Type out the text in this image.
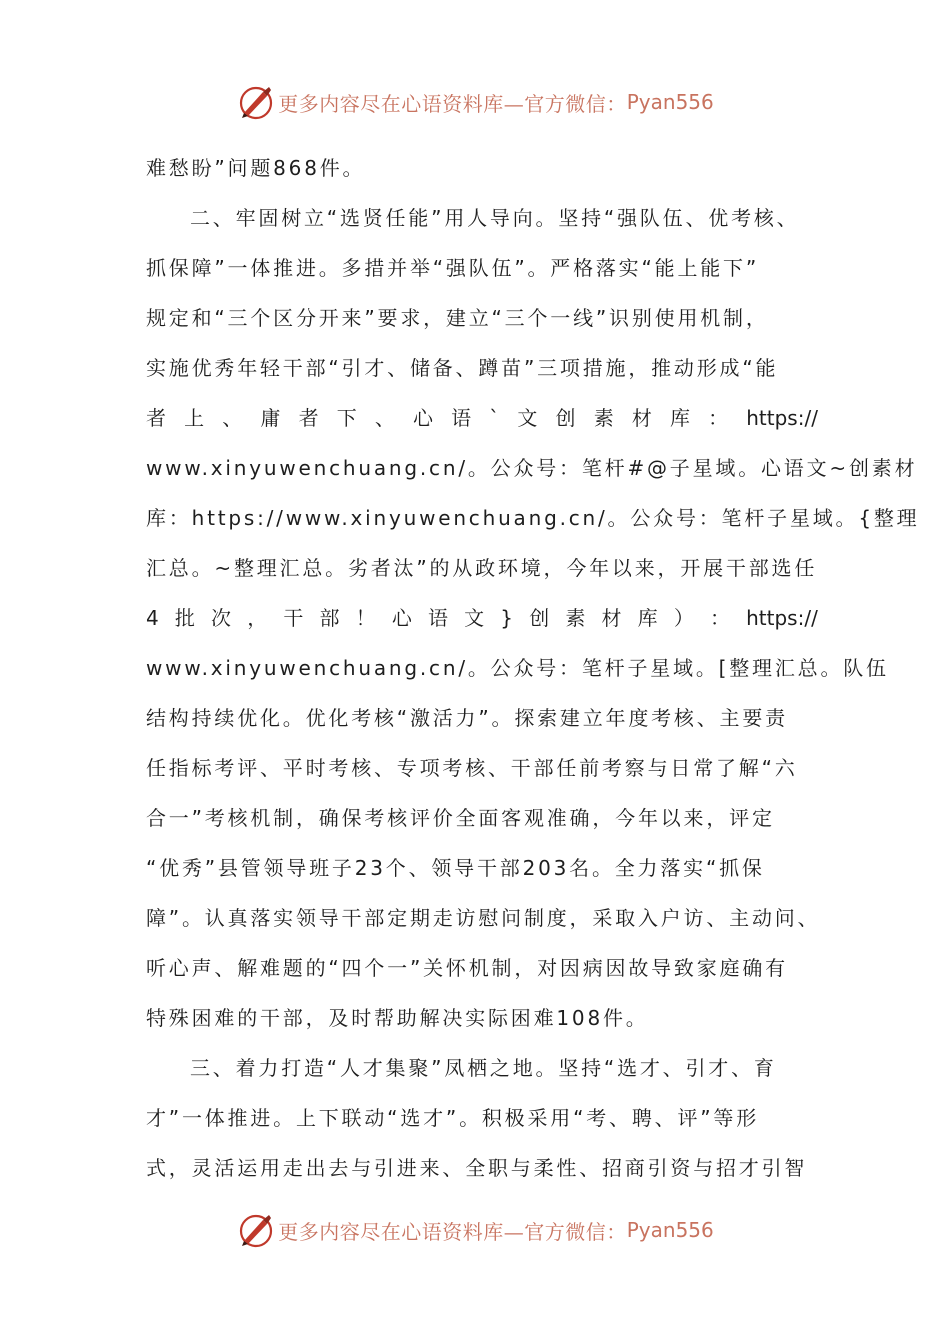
更多内容尽在心语资料库—官方微信： Pyan556
难愁盼”问题868件。
二、牢固树立“选贤任能”用人导向。坚持“强队伍、优考核、
抓保障”一体推进。多措并举“强队伍”。严格落实“能上能下”
规定和“三个区分开来”要求，建立“三个一线”识别使用机制，
实施优秀年轻干部“引才、储备、蹲苗”三项措施，推动形成“能
者 上 、 庸 者 下 、 心 语 ` 文 创 素 材 库 ： https://
www.xinyuwenchuang.cn/。公众号：笔杆#@子星域。心语文~创素材
库：https://www.xinyuwenchuang.cn/。公众号：笔杆子星域。{整理
汇总。~整理汇总。劣者汰”的从政环境，今年以来，开展干部选任
4 批 次 ， 干 部 ！ 心 语 文 } 创 素 材 库 ） ： https://
www.xinyuwenchuang.cn/。公众号：笔杆子星域。[整理汇总。队伍
结构持续优化。优化考核“激活力”。探索建立年度考核、主要责
任指标考评、平时考核、专项考核、干部任前考察与日常了解“六
合一”考核机制，确保考核评价全面客观准确，今年以来，评定
“优秀”县管领导班子23个、领导干部203名。全力落实“抓保
障”。认真落实领导干部定期走访慰问制度，采取入户访、主动问、
听心声、解难题的“四个一”关怀机制，对因病因故导致家庭确有
特殊困难的干部，及时帮助解决实际困难108件。
三、着力打造“人才集聚”凤栖之地。坚持“选才、引才、育
才”一体推进。上下联动“选才”。积极采用“考、聘、评”等形
式，灵活运用走出去与引进来、全职与柔性、招商引资与招才引智
更多内容尽在心语资料库—官方微信： Pyan556
